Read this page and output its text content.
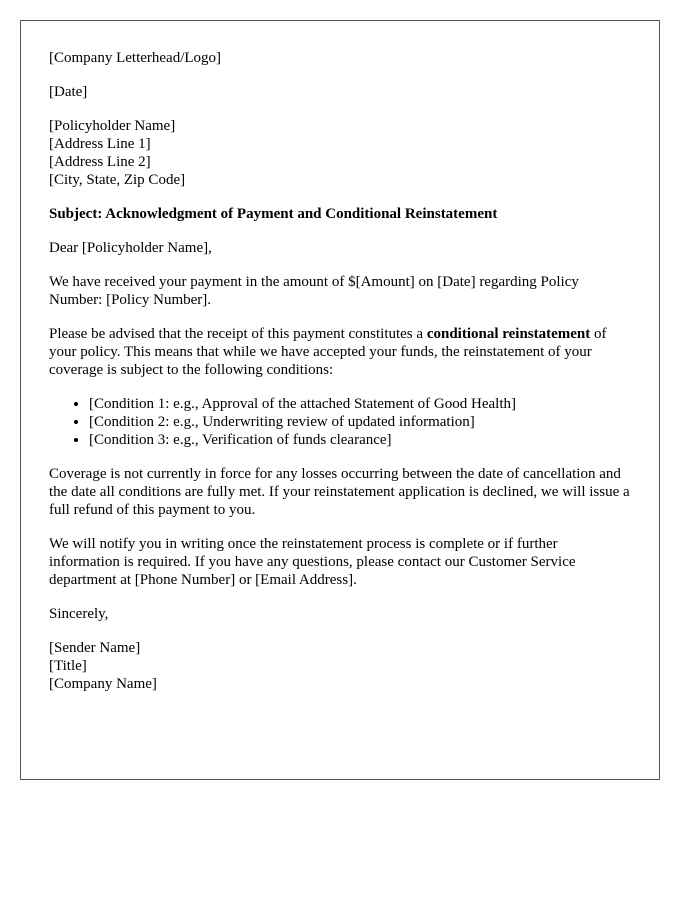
[Company Letterhead/Logo]

[Date]

[Policyholder Name]
[Address Line 1]
[Address Line 2]
[City, State, Zip Code]

Subject: Acknowledgment of Payment and Conditional Reinstatement

Dear [Policyholder Name],

We have received your payment in the amount of $[Amount] on [Date] regarding Policy Number: [Policy Number].

Please be advised that the receipt of this payment constitutes a conditional reinstatement of your policy. This means that while we have accepted your funds, the reinstatement of your coverage is subject to the following conditions:

• [Condition 1: e.g., Approval of the attached Statement of Good Health]
• [Condition 2: e.g., Underwriting review of updated information]
• [Condition 3: e.g., Verification of funds clearance]

Coverage is not currently in force for any losses occurring between the date of cancellation and the date all conditions are fully met. If your reinstatement application is declined, we will issue a full refund of this payment to you.

We will notify you in writing once the reinstatement process is complete or if further information is required. If you have any questions, please contact our Customer Service department at [Phone Number] or [Email Address].

Sincerely,

[Sender Name]
[Title]
[Company Name]
